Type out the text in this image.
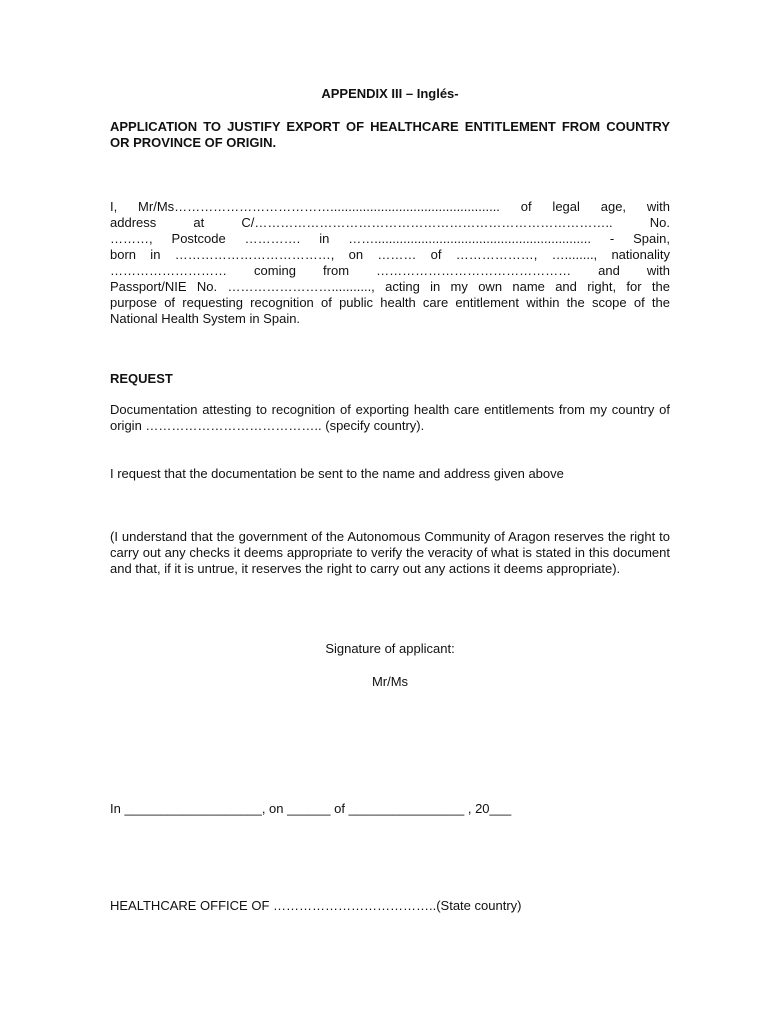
APPENDIX III – Inglés-
APPLICATION TO JUSTIFY EXPORT OF HEALTHCARE ENTITLEMENT FROM COUNTRY OR PROVINCE OF ORIGIN.
I, Mr/Ms………………………………............................................... of legal age, with
address at C/……………………………………………………………………….. No.
………, Postcode …………. in ……............................................................ - Spain,
born in ………………………………, on ……… of ………………, …........, nationality
……………………… coming from ……………………………………… and with
Passport/NIE No. ……………………..........., acting in my own name and right, for the
purpose of requesting recognition of public health care entitlement within the scope of the
National Health System in Spain.
REQUEST
Documentation attesting to recognition of exporting health care entitlements from my country of origin ………………………………….. (specify country).
I request that the documentation be sent to the name and address given above
(I understand that the government of the Autonomous Community of Aragon reserves the right to carry out any checks it deems appropriate to verify the veracity of what is stated in this document and that, if it is untrue, it reserves the right to carry out any actions it deems appropriate).
Signature of applicant:
Mr/Ms
In ___________________, on ______ of ________________ , 20___
HEALTHCARE OFFICE OF ………………………………..(State country)
